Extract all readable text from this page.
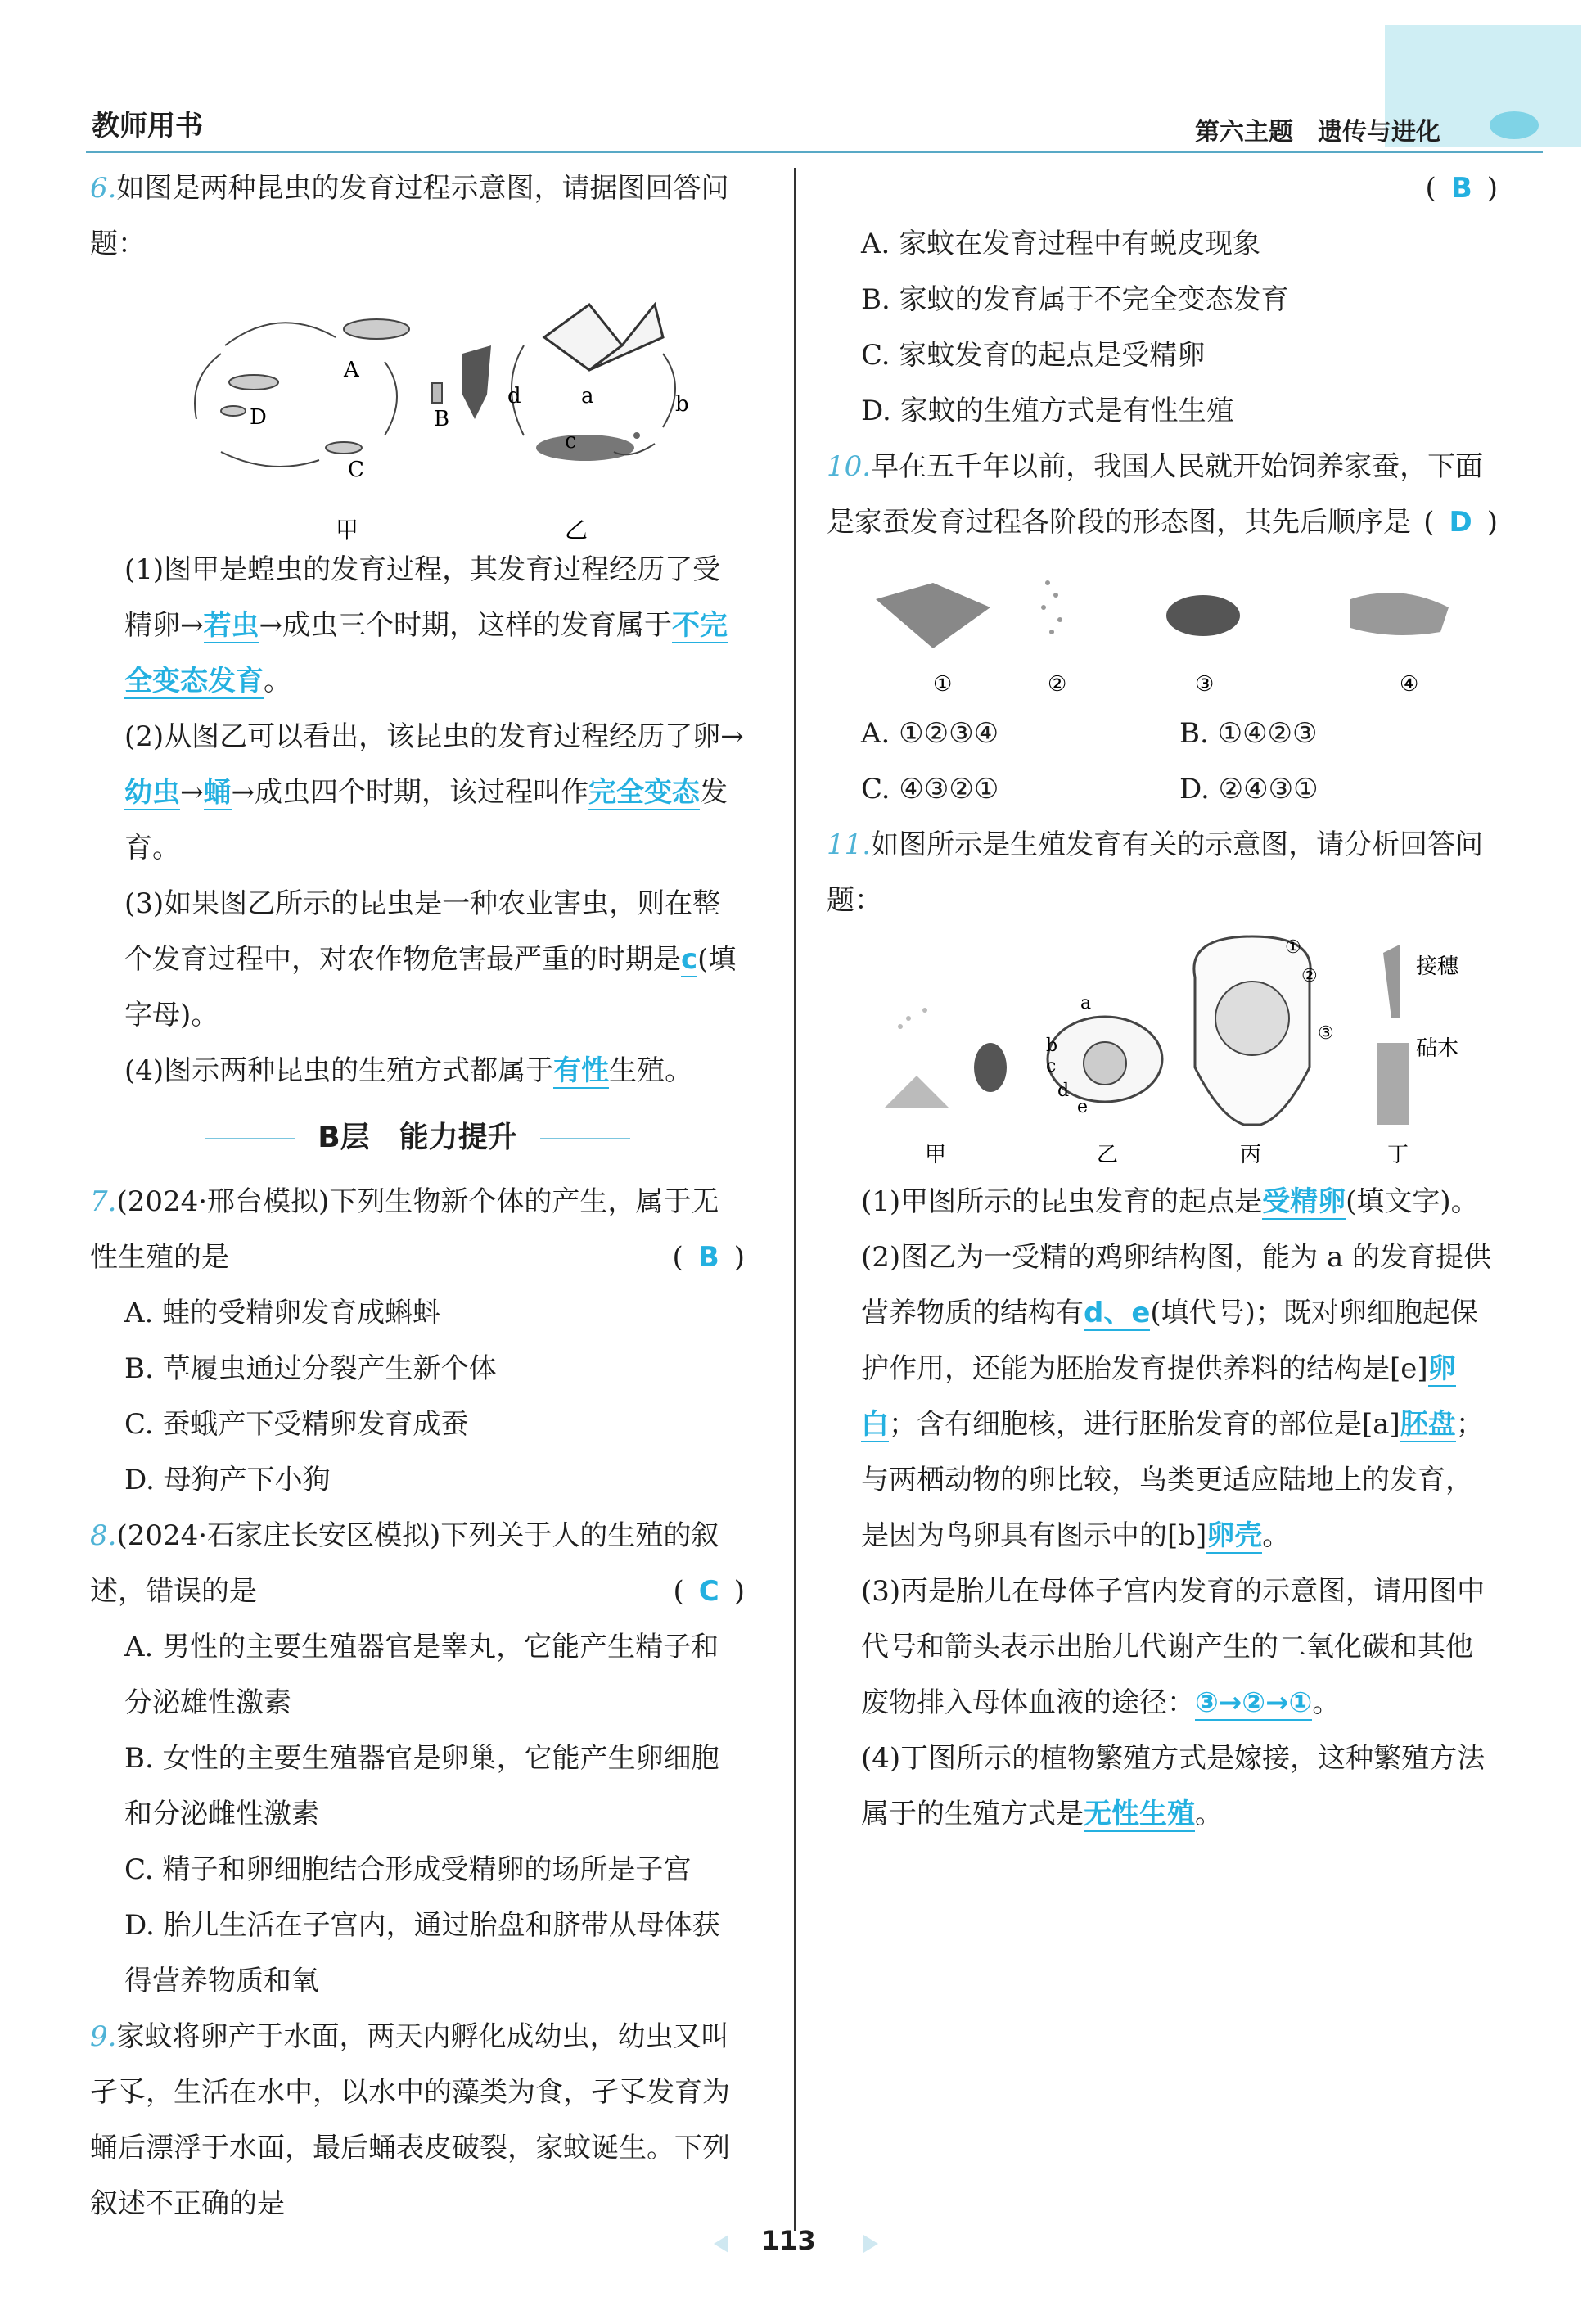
教师用书	第六主题　遗传与进化

6.如图是两种昆虫的发育过程示意图，请据图回答问题：

A
B
C
D
甲
d	a	b
c
乙

(1)图甲是蝗虫的发育过程，其发育过程经历了受精卵→若虫→成虫三个时期，这样的发育属于不完全变态发育。

(2)从图乙可以看出，该昆虫的发育过程经历了卵→幼虫→蛹→成虫四个时期，该过程叫作完全变态发育。

(3)如果图乙所示的昆虫是一种农业害虫，则在整个发育过程中，对农作物危害最严重的时期是c(填字母)。

(4)图示两种昆虫的生殖方式都属于有性生殖。

B层　能力提升

7.(2024·邢台模拟)下列生物新个体的产生，属于无性生殖的是	( B )

A. 蛙的受精卵发育成蝌蚪

B. 草履虫通过分裂产生新个体

C. 蚕蛾产下受精卵发育成蚕

D. 母狗产下小狗

8.(2024·石家庄长安区模拟)下列关于人的生殖的叙述，错误的是	( C )

A. 男性的主要生殖器官是睾丸，它能产生精子和分泌雄性激素

B. 女性的主要生殖器官是卵巢，它能产生卵细胞和分泌雌性激素

C. 精子和卵细胞结合形成受精卵的场所是子宫

D. 胎儿生活在子宫内，通过胎盘和脐带从母体获得营养物质和氧

9.家蚊将卵产于水面，两天内孵化成幼虫，幼虫又叫孑孓，生活在水中，以水中的藻类为食，孑孓发育为蛹后漂浮于水面，最后蛹表皮破裂，家蚊诞生。下列叙述不正确的是

( B )

A. 家蚊在发育过程中有蜕皮现象

B. 家蚊的发育属于不完全变态发育

C. 家蚊发育的起点是受精卵

D. 家蚊的生殖方式是有性生殖

10.早在五千年以前，我国人民就开始饲养家蚕，下面是家蚕发育过程各阶段的形态图，其先后顺序是 ( D )

①	②	③	④
A. ①②③④	B. ①④②③
C. ④③②①	D. ②④③①

11.如图所示是生殖发育有关的示意图，请分析回答问题：

甲
a
b
c
d
e
乙
①
②
③
丙
接穗
砧木
丁

(1)甲图所示的昆虫发育的起点是受精卵(填文字)。

(2)图乙为一受精的鸡卵结构图，能为 a 的发育提供营养物质的结构有d、e(填代号)；既对卵细胞起保护作用，还能为胚胎发育提供养料的结构是[e]卵白；含有细胞核，进行胚胎发育的部位是[a]胚盘；与两栖动物的卵比较，鸟类更适应陆地上的发育，是因为鸟卵具有图示中的[b]卵壳。

(3)丙是胎儿在母体子宫内发育的示意图，请用图中代号和箭头表示出胎儿代谢产生的二氧化碳和其他废物排入母体血液的途径：③→②→①。

(4)丁图所示的植物繁殖方式是嫁接，这种繁殖方法属于的生殖方式是无性生殖。

113
